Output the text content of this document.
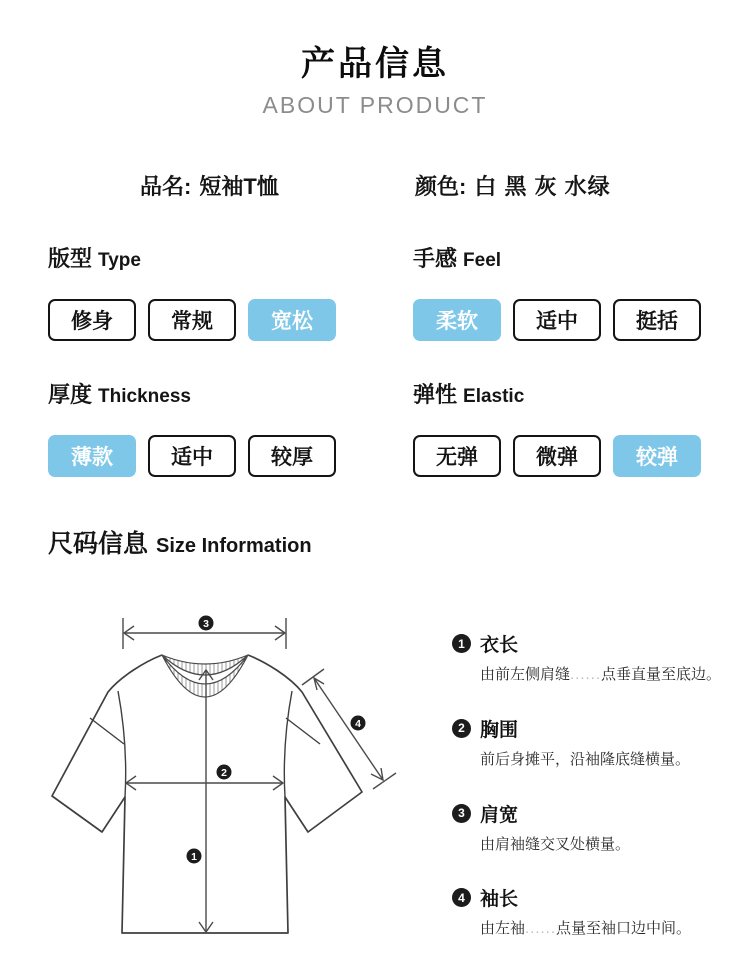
产品信息
ABOUT PRODUCT
品名: 短袖T恤	颜色: 白 黑 灰 水绿
版型 Type
修身	常规	宽松
手感 Feel
柔软	适中	挺括
厚度 Thickness
薄款	适中	较厚
弹性 Elastic
无弹	微弹	较弹
尺码信息 Size Information
3
2
1
4
1 衣长
由前左侧肩缝......点垂直量至底边。
2 胸围
前后身摊平，沿袖隆底缝横量。
3 肩宽
由肩袖缝交叉处横量。
4 袖长
由左袖......点量至袖口边中间。
